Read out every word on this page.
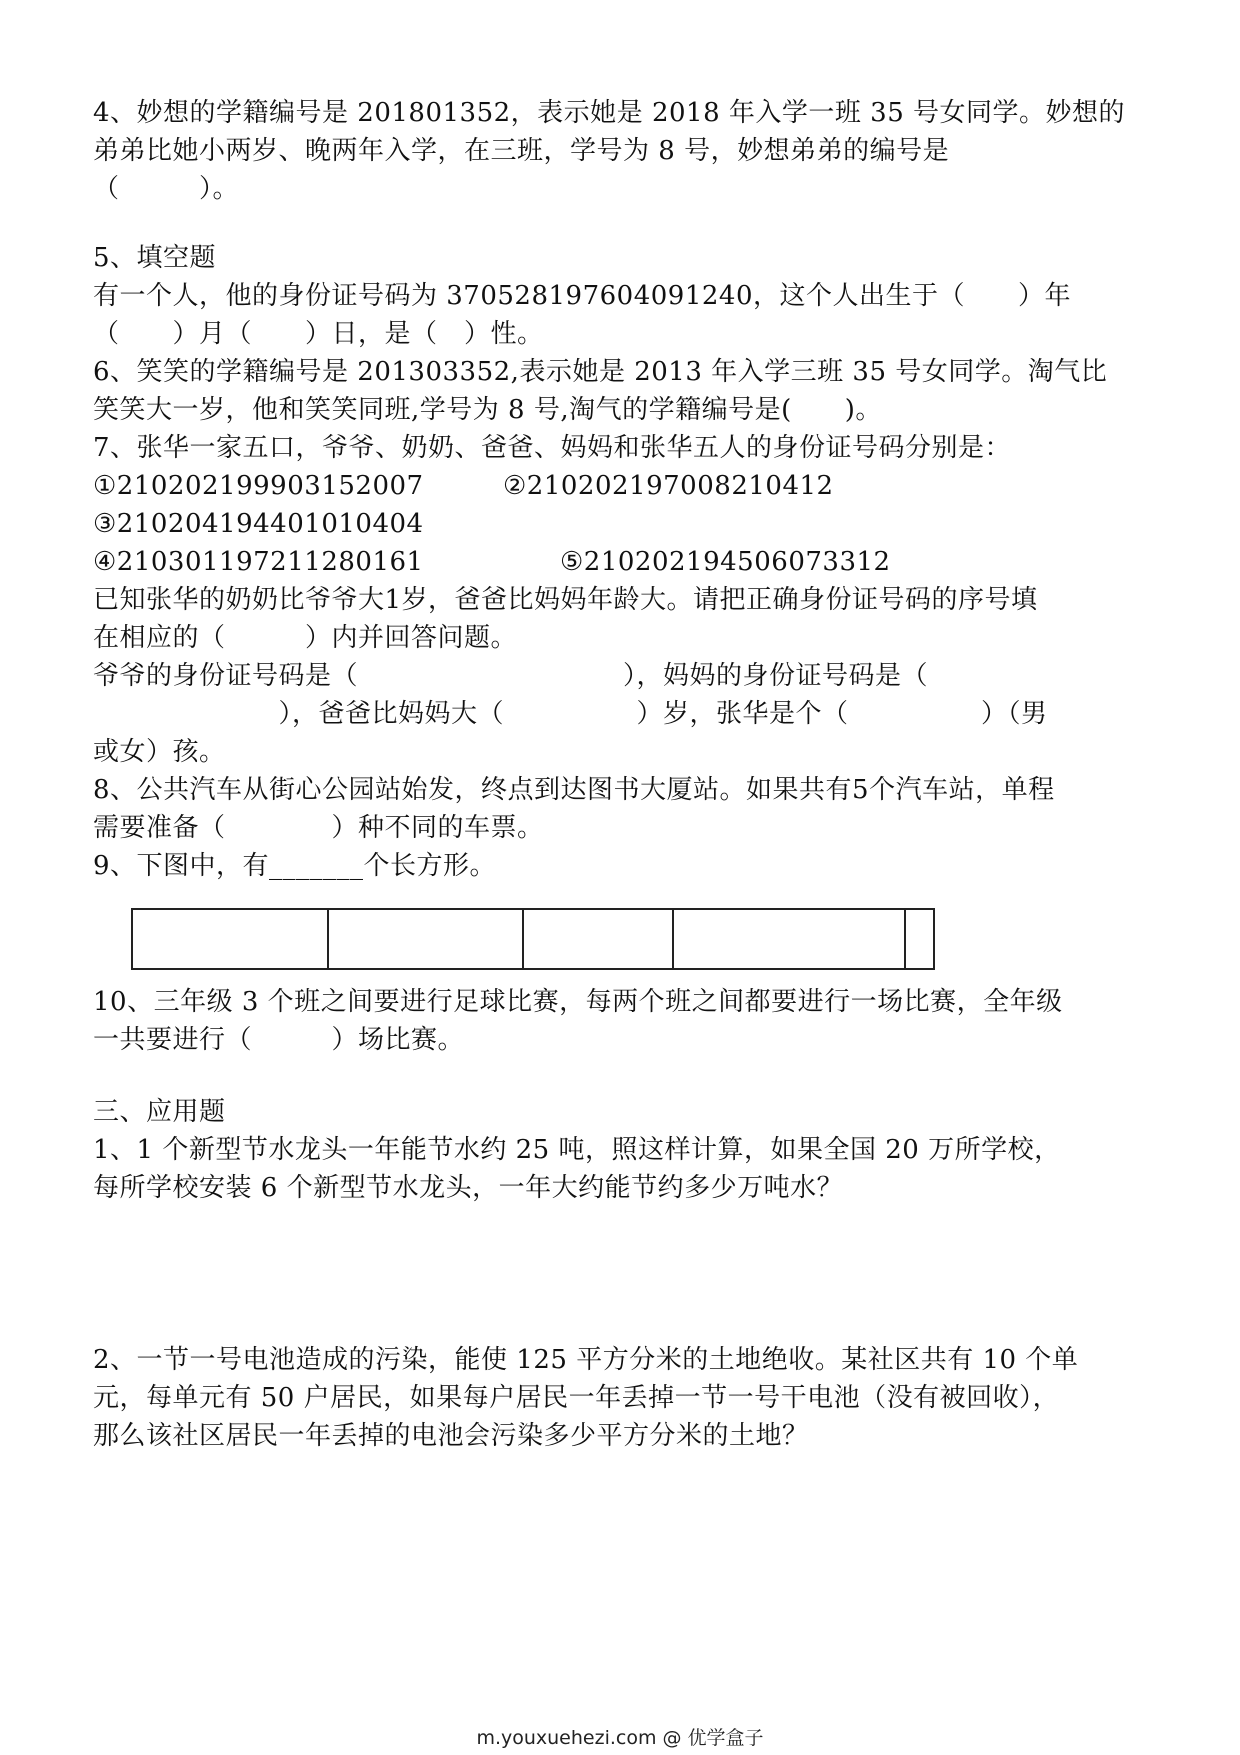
4、妙想的学籍编号是 201801352，表示她是 2018 年入学一班 35 号女同学。妙想的
弟弟比她小两岁、晚两年入学，在三班，学号为 8 号，妙想弟弟的编号是
（　　　）。
5、填空题
有一个人，他的身份证号码为 370528197604091240，这个人出生于（　　）年
（　　）月（　　）日，是（　）性。
6、笑笑的学籍编号是 201303352,表示她是 2013 年入学三班 35 号女同学。淘气比
笑笑大一岁，他和笑笑同班,学号为 8 号,淘气的学籍编号是(　　)。
7、张华一家五口，爷爷、奶奶、爸爸、妈妈和张华五人的身份证号码分别是：
①210202199903152007	②210202197008210412
③210204194401010404
④210301197211280161	⑤210202194506073312
已知张华的奶奶比爷爷大1岁，爸爸比妈妈年龄大。请把正确身份证号码的序号填
在相应的（　　　）内并回答问题。
爷爷的身份证号码是（　　　　　　　　　　），妈妈的身份证号码是（
　　　　　　　），爸爸比妈妈大（　　　　　）岁，张华是个（　　　　　）（男
或女）孩。
8、公共汽车从街心公园站始发，终点到达图书大厦站。如果共有5个汽车站，单程
需要准备（　　　　）种不同的车票。
9、下图中，有_______个长方形。
10、三年级 3 个班之间要进行足球比赛，每两个班之间都要进行一场比赛，全年级
一共要进行（　　　）场比赛。
三、应用题
1、1 个新型节水龙头一年能节水约 25 吨，照这样计算，如果全国 20 万所学校，
每所学校安装 6 个新型节水龙头，一年大约能节约多少万吨水？
2、一节一号电池造成的污染，能使 125 平方分米的土地绝收。某社区共有 10 个单
元，每单元有 50 户居民，如果每户居民一年丢掉一节一号干电池（没有被回收），
那么该社区居民一年丢掉的电池会污染多少平方分米的土地？
m.youxuehezi.com @ 优学盒子
